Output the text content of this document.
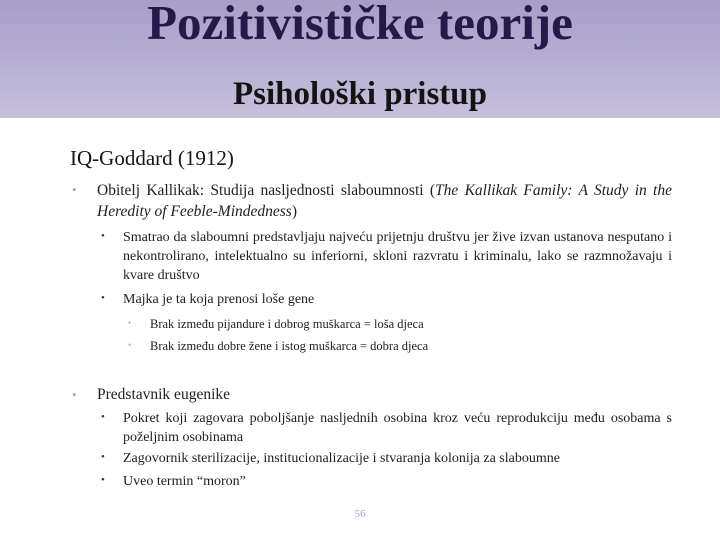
Pozitivističke teorije
Psihološki pristup
IQ-Goddard (1912)
• Obitelj Kallikak: Studija nasljednosti slaboumnosti (The Kallikak Family: A Study in the Heredity of Feeble-Mindedness)
• Smatrao da slaboumni predstavljaju najveću prijetnju društvu jer žive izvan ustanova nesputano i nekontrolirano, intelektualno su inferiorni, skloni razvratu i kriminalu, lako se razmnožavaju i kvare društvo
• Majka je ta koja prenosi loše gene
• Brak između pijandure i dobrog muškarca = loša djeca
• Brak između dobre žene i istog muškarca = dobra djeca
• Predstavnik eugenike
• Pokret koji zagovara poboljšanje nasljednih osobina kroz veću reprodukciju među osobama s poželjnim osobinama
• Zagovornik sterilizacije, institucionalizacije i stvaranja kolonija za slaboumne
• Uveo termin “moron”
56
